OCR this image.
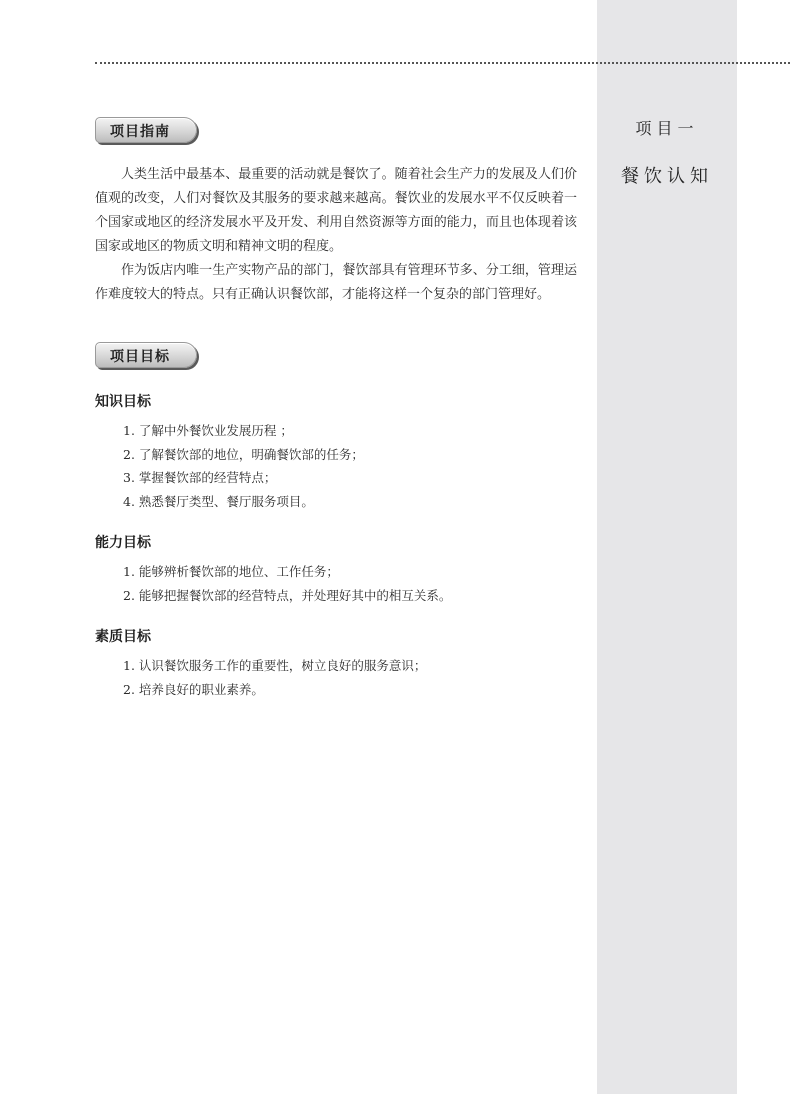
项目一
餐饮认知
项目指南

人类生活中最基本、最重要的活动就是餐饮了。随着社会生产力的发展及人们价值观的改变，人们对餐饮及其服务的要求越来越高。餐饮业的发展水平不仅反映着一个国家或地区的经济发展水平及开发、利用自然资源等方面的能力，而且也体现着该国家或地区的物质文明和精神文明的程度。

作为饭店内唯一生产实物产品的部门，餐饮部具有管理环节多、分工细，管理运作难度较大的特点。只有正确认识餐饮部，才能将这样一个复杂的部门管理好。

项目目标
知识目标
1. 了解中外餐饮业发展历程 ；
2. 了解餐饮部的地位，明确餐饮部的任务；
3. 掌握餐饮部的经营特点；
4. 熟悉餐厅类型、餐厅服务项目。
能力目标
1. 能够辨析餐饮部的地位、工作任务；
2. 能够把握餐饮部的经营特点，并处理好其中的相互关系。
素质目标
1. 认识餐饮服务工作的重要性，树立良好的服务意识；
2. 培养良好的职业素养。
